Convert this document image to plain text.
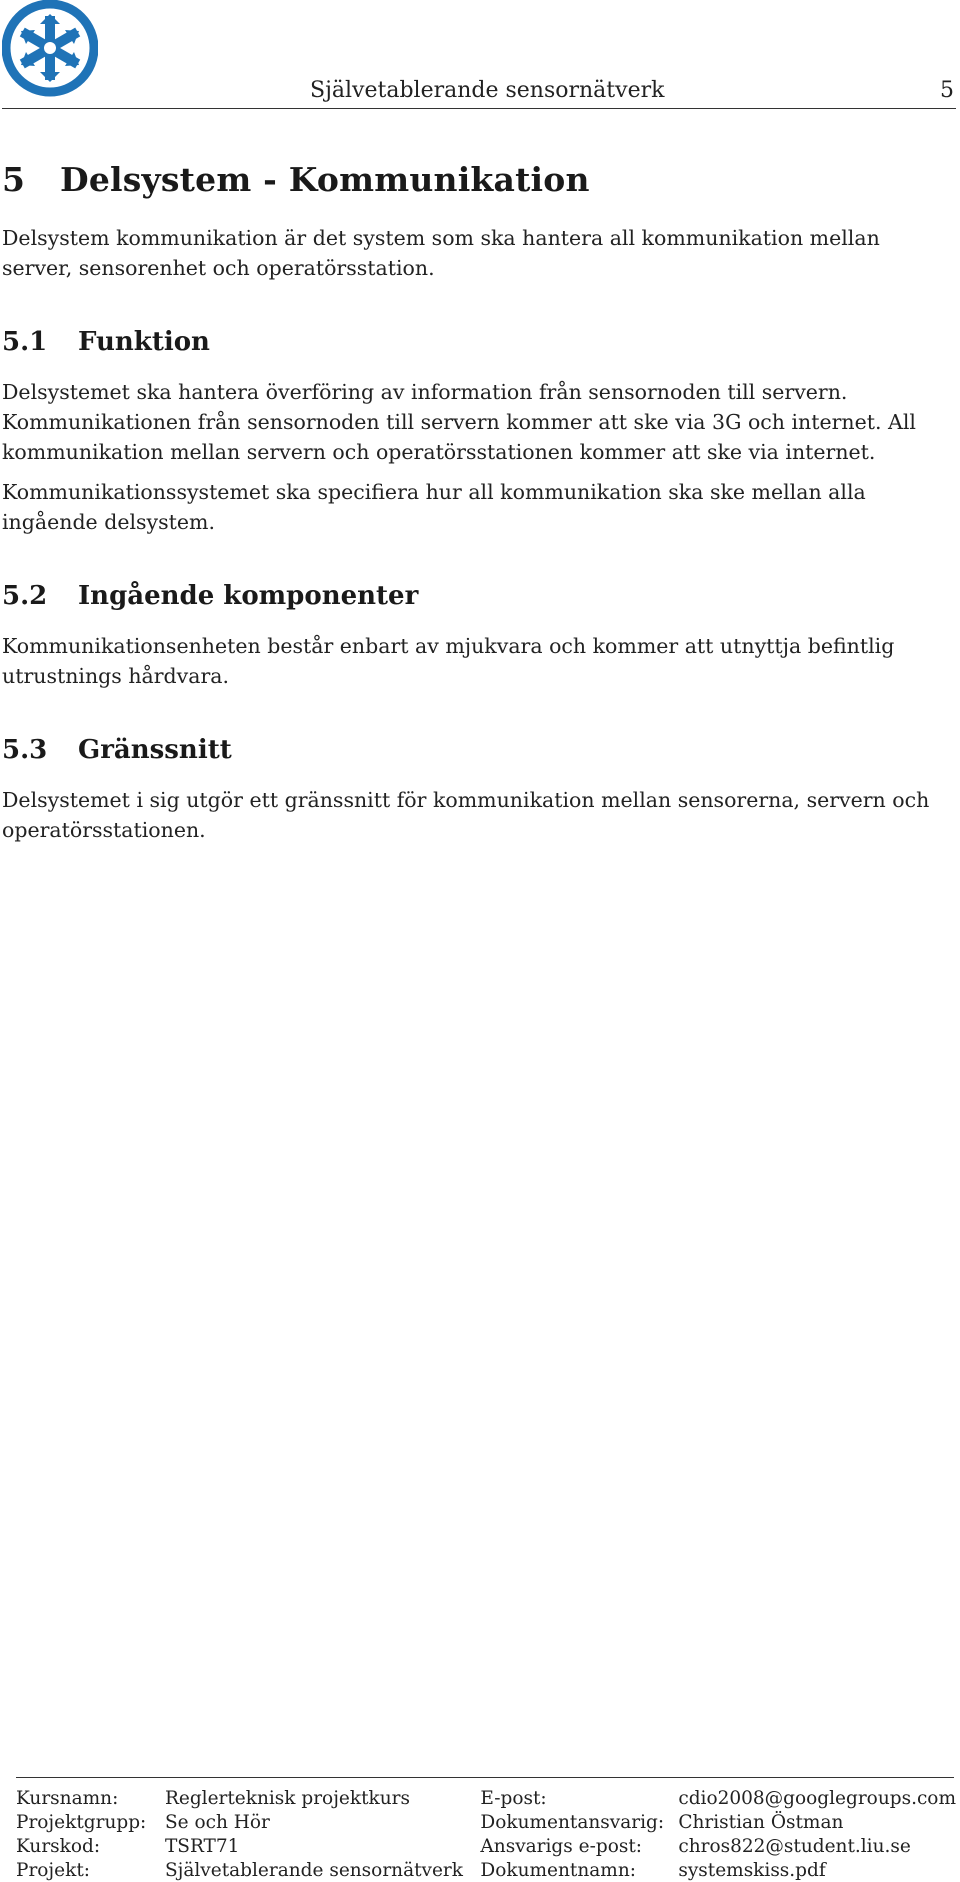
Självetablerande sensornätverk	5
5 Delsystem - Kommunikation

Delsystem kommunikation är det system som ska hantera all kommunikation mellan server, sensorenhet och operatörsstation.

5.1 Funktion

Delsystemet ska hantera överföring av information från sensornoden till servern. Kommunikationen från sensornoden till servern kommer att ske via 3G och internet. All kommunikation mellan servern och operatörsstationen kommer att ske via internet.

Kommunikationssystemet ska specifiera hur all kommunikation ska ske mellan alla ingående delsystem.

5.2 Ingående komponenter

Kommunikationsenheten består enbart av mjukvara och kommer att utnyttja befintlig utrustnings hårdvara.

5.3 Gränssnitt

Delsystemet i sig utgör ett gränssnitt för kommunikation mellan sensorerna, servern och operatörsstationen.

Kursnamn:	Reglerteknisk projektkurs	E-post:	cdio2008@googlegroups.com
Projektgrupp:	Se och Hör	Dokumentansvarig:	Christian Östman
Kurskod:	TSRT71	Ansvarigs e-post:	chros822@student.liu.se
Projekt:	Självetablerande sensornätverk	Dokumentnamn:	systemskiss.pdf
